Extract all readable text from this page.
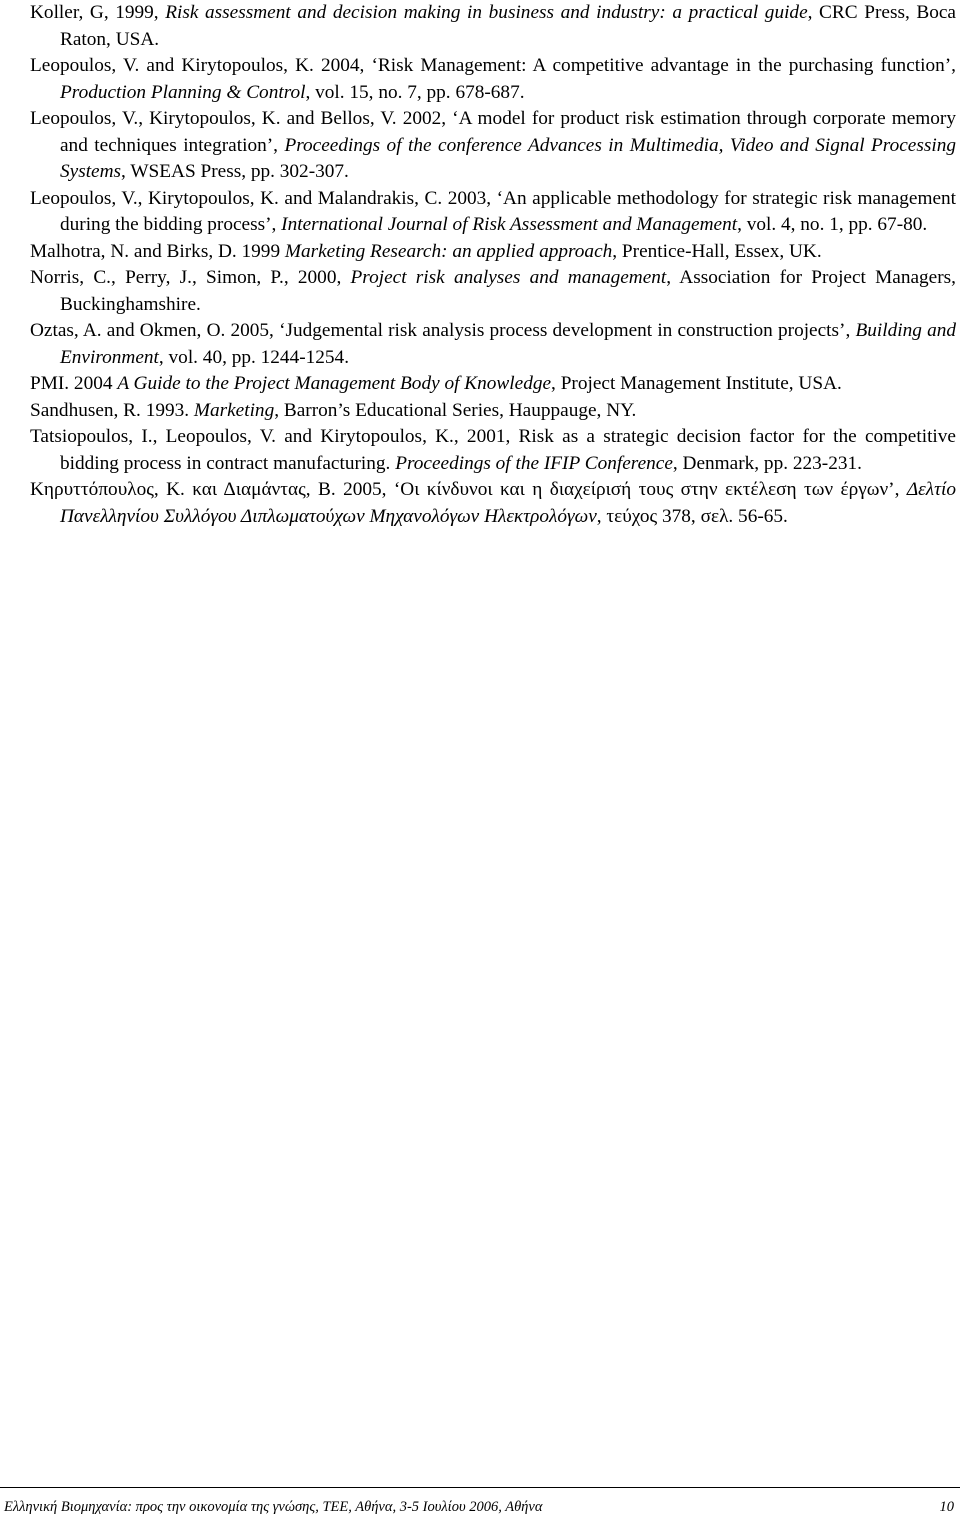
Koller, G, 1999, Risk assessment and decision making in business and industry: a practical guide, CRC Press, Boca Raton, USA.

Leopoulos, V. and Kirytopoulos, K. 2004, ‘Risk Management: A competitive advantage in the purchasing function’, Production Planning & Control, vol. 15, no. 7, pp. 678-687.

Leopoulos, V., Kirytopoulos, K. and Bellos, V. 2002, ‘A model for product risk estimation through corporate memory and techniques integration’, Proceedings of the conference Advances in Multimedia, Video and Signal Processing Systems, WSEAS Press, pp. 302-307.

Leopoulos, V., Kirytopoulos, K. and Malandrakis, C. 2003, ‘An applicable methodology for strategic risk management during the bidding process’, International Journal of Risk Assessment and Management, vol. 4, no. 1, pp. 67-80.

Malhotra, N. and Birks, D. 1999 Marketing Research: an applied approach, Prentice-Hall, Essex, UK.

Norris, C., Perry, J., Simon, P., 2000, Project risk analyses and management, Association for Project Managers, Buckinghamshire.

Oztas, A. and Okmen, O. 2005, ‘Judgemental risk analysis process development in construction projects’, Building and Environment, vol. 40, pp. 1244-1254.

PMI. 2004 A Guide to the Project Management Body of Knowledge, Project Management Institute, USA.

Sandhusen, R. 1993. Marketing, Barron’s Educational Series, Hauppauge, NY.

Tatsiopoulos, I., Leopoulos, V. and Kirytopoulos, K., 2001, Risk as a strategic decision factor for the competitive bidding process in contract manufacturing. Proceedings of the IFIP Conference, Denmark, pp. 223-231.

Κηρυττόπουλος, Κ. και Διαμάντας, Β. 2005, ‘Οι κίνδυνοι και η διαχείρισή τους στην εκτέλεση των έργων’, Δελτίο Πανελληνίου Συλλόγου Διπλωματούχων Μηχανολόγων Ηλεκτρολόγων, τεύχος 378, σελ. 56-65.

Ελληνική Βιομηχανία: προς την οικονομία της γνώσης, ΤΕΕ, Αθήνα, 3-5 Ιουλίου 2006, Αθήνα	10
